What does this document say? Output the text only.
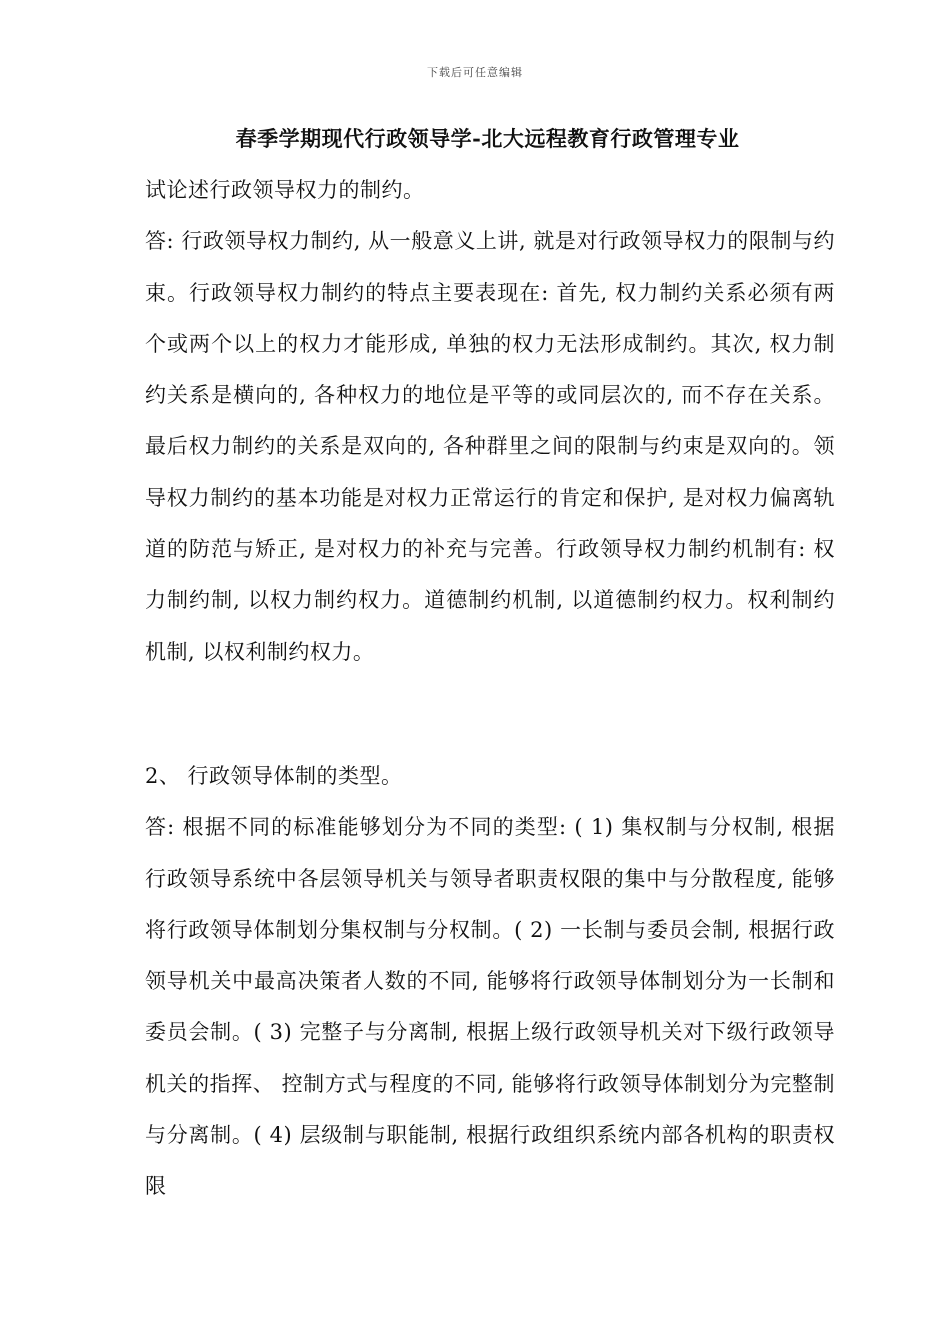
下载后可任意编辑
春季学期现代行政领导学-北大远程教育行政管理专业

试论述行政领导权力的制约。

答: 行政领导权力制约, 从一般意义上讲, 就是对行政领导权力的限制与约束。行政领导权力制约的特点主要表现在: 首先, 权力制约关系必须有两个或两个以上的权力才能形成, 单独的权力无法形成制约。其次, 权力制约关系是横向的, 各种权力的地位是平等的或同层次的, 而不存在关系。最后权力制约的关系是双向的, 各种群里之间的限制与约束是双向的。领导权力制约的基本功能是对权力正常运行的肯定和保护, 是对权力偏离轨道的防范与矫正, 是对权力的补充与完善。行政领导权力制约机制有: 权力制约制, 以权力制约权力。道德制约机制, 以道德制约权力。权利制约机制, 以权利制约权力。

2、 行政领导体制的类型。

答: 根据不同的标准能够划分为不同的类型: ( 1) 集权制与分权制, 根据行政领导系统中各层领导机关与领导者职责权限的集中与分散程度, 能够将行政领导体制划分集权制与分权制。( 2) 一长制与委员会制, 根据行政领导机关中最高决策者人数的不同, 能够将行政领导体制划分为一长制和委员会制。( 3) 完整子与分离制, 根据上级行政领导机关对下级行政领导机关的指挥、 控制方式与程度的不同, 能够将行政领导体制划分为完整制与分离制。( 4) 层级制与职能制, 根据行政组织系统内部各机构的职责权限
